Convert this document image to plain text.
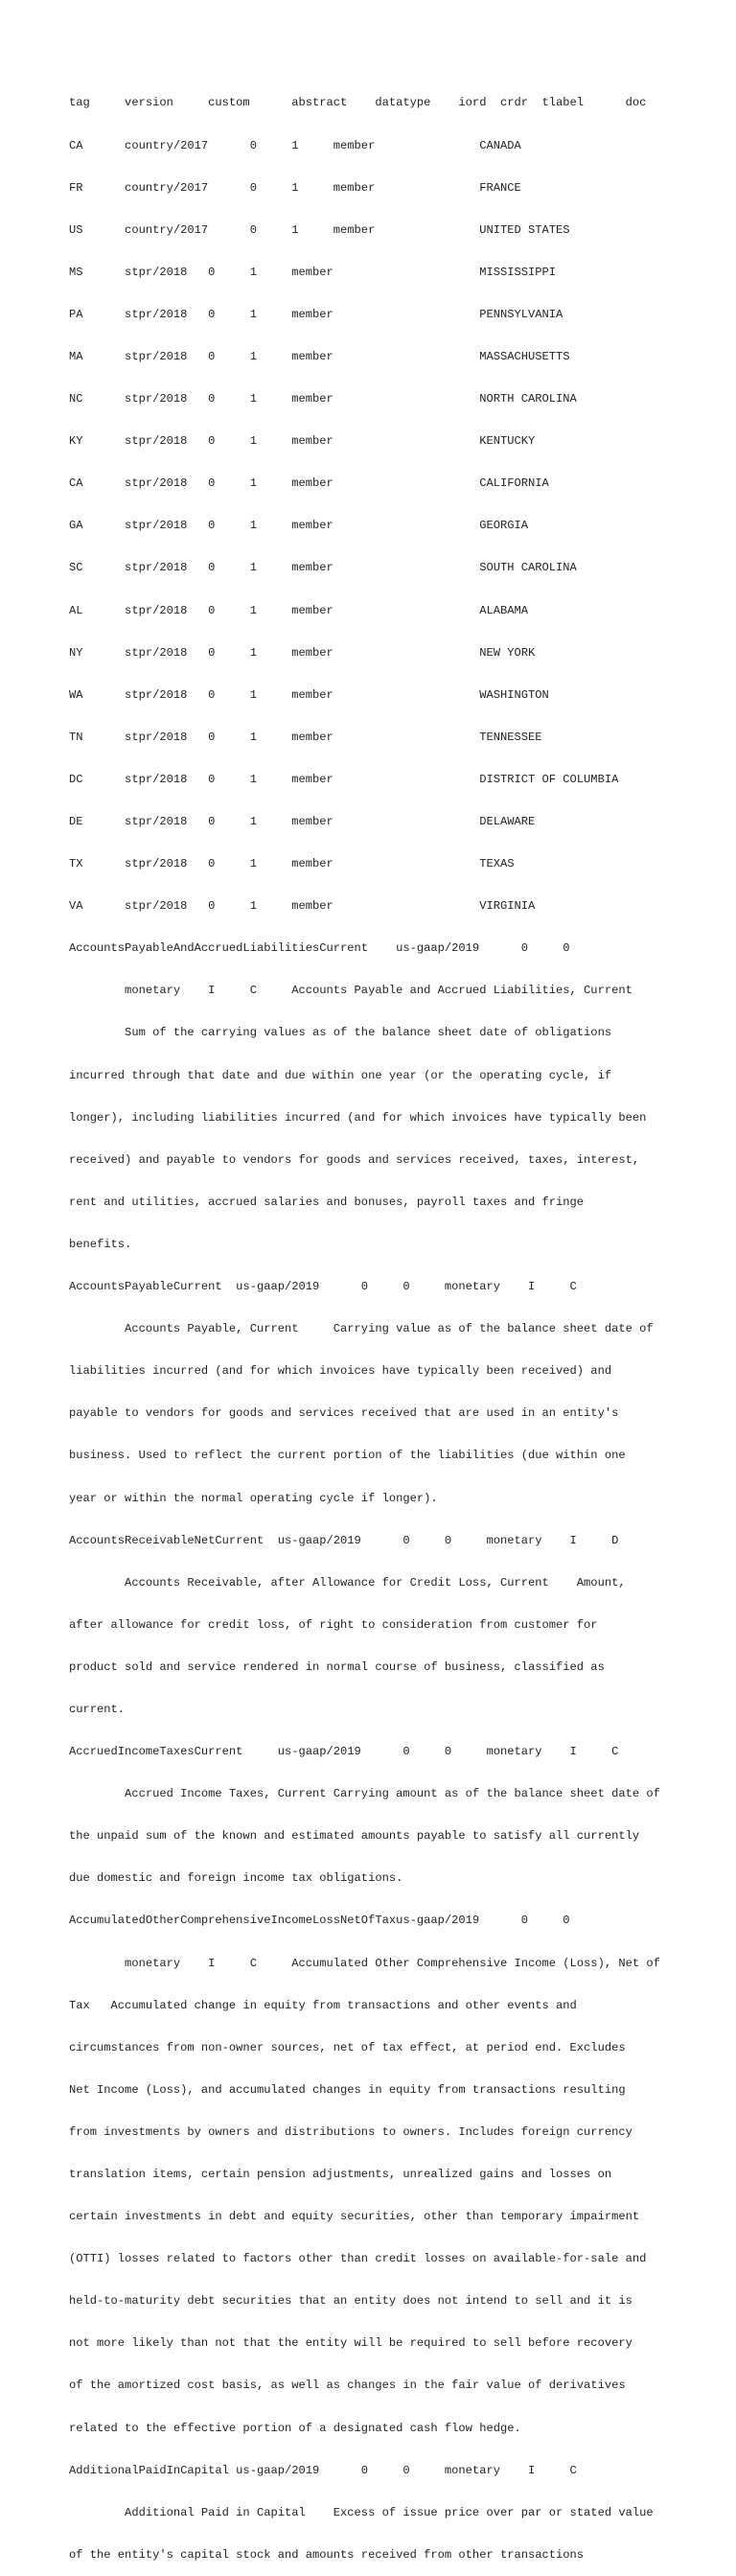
tag     version     custom      abstract    datatype    iord  crdr  tlabel      doc

CA      country/2017      0     1     member               CANADA

FR      country/2017      0     1     member               FRANCE

US      country/2017      0     1     member               UNITED STATES

MS      stpr/2018   0     1     member                     MISSISSIPPI

PA      stpr/2018   0     1     member                     PENNSYLVANIA

MA      stpr/2018   0     1     member                     MASSACHUSETTS

NC      stpr/2018   0     1     member                     NORTH CAROLINA

KY      stpr/2018   0     1     member                     KENTUCKY

CA      stpr/2018   0     1     member                     CALIFORNIA

GA      stpr/2018   0     1     member                     GEORGIA

SC      stpr/2018   0     1     member                     SOUTH CAROLINA

AL      stpr/2018   0     1     member                     ALABAMA

NY      stpr/2018   0     1     member                     NEW YORK

WA      stpr/2018   0     1     member                     WASHINGTON

TN      stpr/2018   0     1     member                     TENNESSEE

DC      stpr/2018   0     1     member                     DISTRICT OF COLUMBIA

DE      stpr/2018   0     1     member                     DELAWARE

TX      stpr/2018   0     1     member                     TEXAS

VA      stpr/2018   0     1     member                     VIRGINIA

AccountsPayableAndAccruedLiabilitiesCurrent    us-gaap/2019      0     0

monetary    I     C     Accounts Payable and Accrued Liabilities, Current

Sum of the carrying values as of the balance sheet date of obligations

incurred through that date and due within one year (or the operating cycle, if

longer), including liabilities incurred (and for which invoices have typically been

received) and payable to vendors for goods and services received, taxes, interest,

rent and utilities, accrued salaries and bonuses, payroll taxes and fringe

benefits.

AccountsPayableCurrent  us-gaap/2019      0     0     monetary    I     C

Accounts Payable, Current     Carrying value as of the balance sheet date of

liabilities incurred (and for which invoices have typically been received) and

payable to vendors for goods and services received that are used in an entity's

business. Used to reflect the current portion of the liabilities (due within one

year or within the normal operating cycle if longer).

AccountsReceivableNetCurrent  us-gaap/2019      0     0     monetary    I     D

Accounts Receivable, after Allowance for Credit Loss, Current    Amount,

after allowance for credit loss, of right to consideration from customer for

product sold and service rendered in normal course of business, classified as

current.

AccruedIncomeTaxesCurrent     us-gaap/2019      0     0     monetary    I     C

Accrued Income Taxes, Current Carrying amount as of the balance sheet date of

the unpaid sum of the known and estimated amounts payable to satisfy all currently

due domestic and foreign income tax obligations.

AccumulatedOtherComprehensiveIncomeLossNetOfTaxus-gaap/2019      0     0

monetary    I     C     Accumulated Other Comprehensive Income (Loss), Net of

Tax   Accumulated change in equity from transactions and other events and

circumstances from non-owner sources, net of tax effect, at period end. Excludes

Net Income (Loss), and accumulated changes in equity from transactions resulting

from investments by owners and distributions to owners. Includes foreign currency

translation items, certain pension adjustments, unrealized gains and losses on

certain investments in debt and equity securities, other than temporary impairment

(OTTI) losses related to factors other than credit losses on available-for-sale and

held-to-maturity debt securities that an entity does not intend to sell and it is

not more likely than not that the entity will be required to sell before recovery

of the amortized cost basis, as well as changes in the fair value of derivatives

related to the effective portion of a designated cash flow hedge.

AdditionalPaidInCapital us-gaap/2019      0     0     monetary    I     C

Additional Paid in Capital    Excess of issue price over par or stated value

of the entity's capital stock and amounts received from other transactions
